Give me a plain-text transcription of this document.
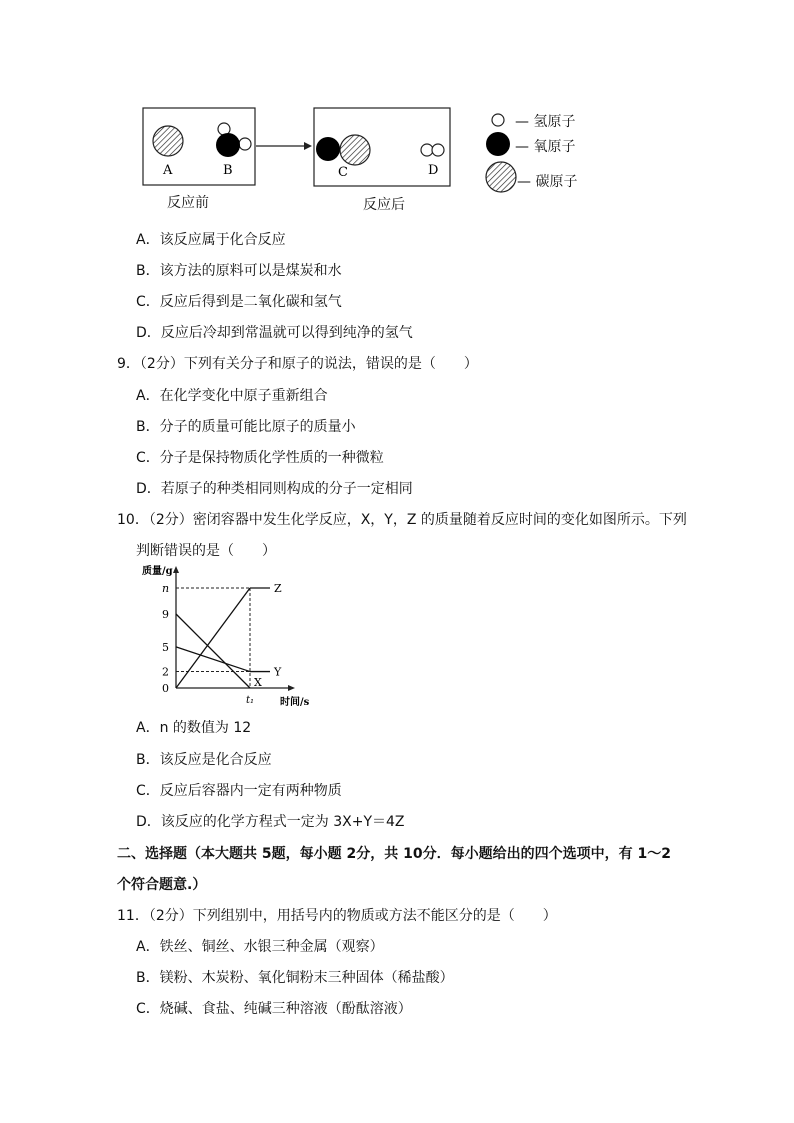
A	B	C	D
— 氢原子
— 氧原子
— 碳原子
反应前	反应后
A．该反应属于化合反应
B．该方法的原料可以是煤炭和水
C．反应后得到是二氧化碳和氢气
D．反应后冷却到常温就可以得到纯净的氢气
9．（2分）下列有关分子和原子的说法，错误的是（　　）
A．在化学变化中原子重新组合
B．分子的质量可能比原子的质量小
C．分子是保持物质化学性质的一种微粒
D．若原子的种类相同则构成的分子一定相同
10．（2分）密闭容器中发生化学反应，X，Y，Z 的质量随着反应时间的变化如图所示。下列
判断错误的是（　　）
质量/g
时间/s
n
9
5
2
0
t₁
X
Y
Z
A．n 的数值为 12
B．该反应是化合反应
C．反应后容器内一定有两种物质
D．该反应的化学方程式一定为 3X+Y＝4Z
二、选择题（本大题共 5题，每小题 2分，共 10分．每小题给出的四个选项中，有 1～2
个符合题意.）
11．（2分）下列组别中，用括号内的物质或方法不能区分的是（　　）
A．铁丝、铜丝、水银三种金属（观察）
B．镁粉、木炭粉、氧化铜粉末三种固体（稀盐酸）
C．烧碱、食盐、纯碱三种溶液（酚酞溶液）
